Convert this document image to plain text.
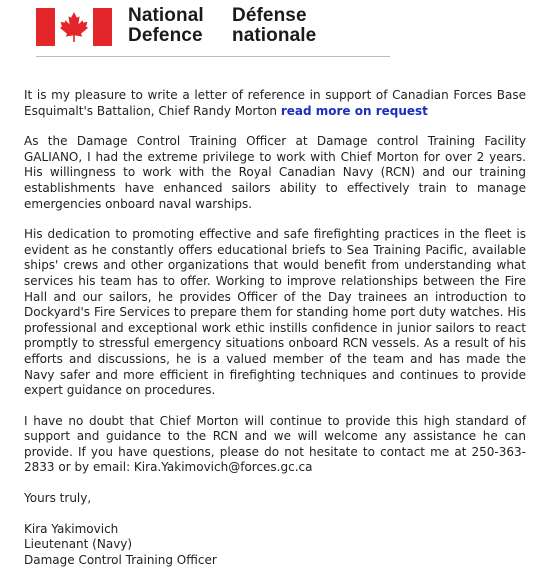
National
Defence
Défense
nationale

It is my pleasure to write a letter of reference in support of Canadian Forces Base Esquimalt's Battalion, Chief Randy Morton read more on request

As the Damage Control Training Officer at Damage control Training Facility GALIANO, I had the extreme privilege to work with Chief Morton for over 2 years. His willingness to work with the Royal Canadian Navy (RCN) and our training establishments have enhanced sailors ability to effectively train to manage emergencies onboard naval warships.

His dedication to promoting effective and safe firefighting practices in the fleet is evident as he constantly offers educational briefs to Sea Training Pacific, available ships' crews and other organizations that would benefit from understanding what services his team has to offer. Working to improve relationships between the Fire Hall and our sailors, he provides Officer of the Day trainees an introduction to Dockyard's Fire Services to prepare them for standing home port duty watches. His professional and exceptional work ethic instills confidence in junior sailors to react promptly to stressful emergency situations onboard RCN vessels. As a result of his efforts and discussions, he is a valued member of the team and has made the Navy safer and more efficient in firefighting techniques and continues to provide expert guidance on procedures.

I have no doubt that Chief Morton will continue to provide this high standard of support and guidance to the RCN and we will welcome any assistance he can provide. If you have questions, please do not hesitate to contact me at 250-363-2833 or by email: Kira.Yakimovich@forces.gc.ca

Yours truly,

Kira Yakimovich
Lieutenant (Navy)
Damage Control Training Officer
